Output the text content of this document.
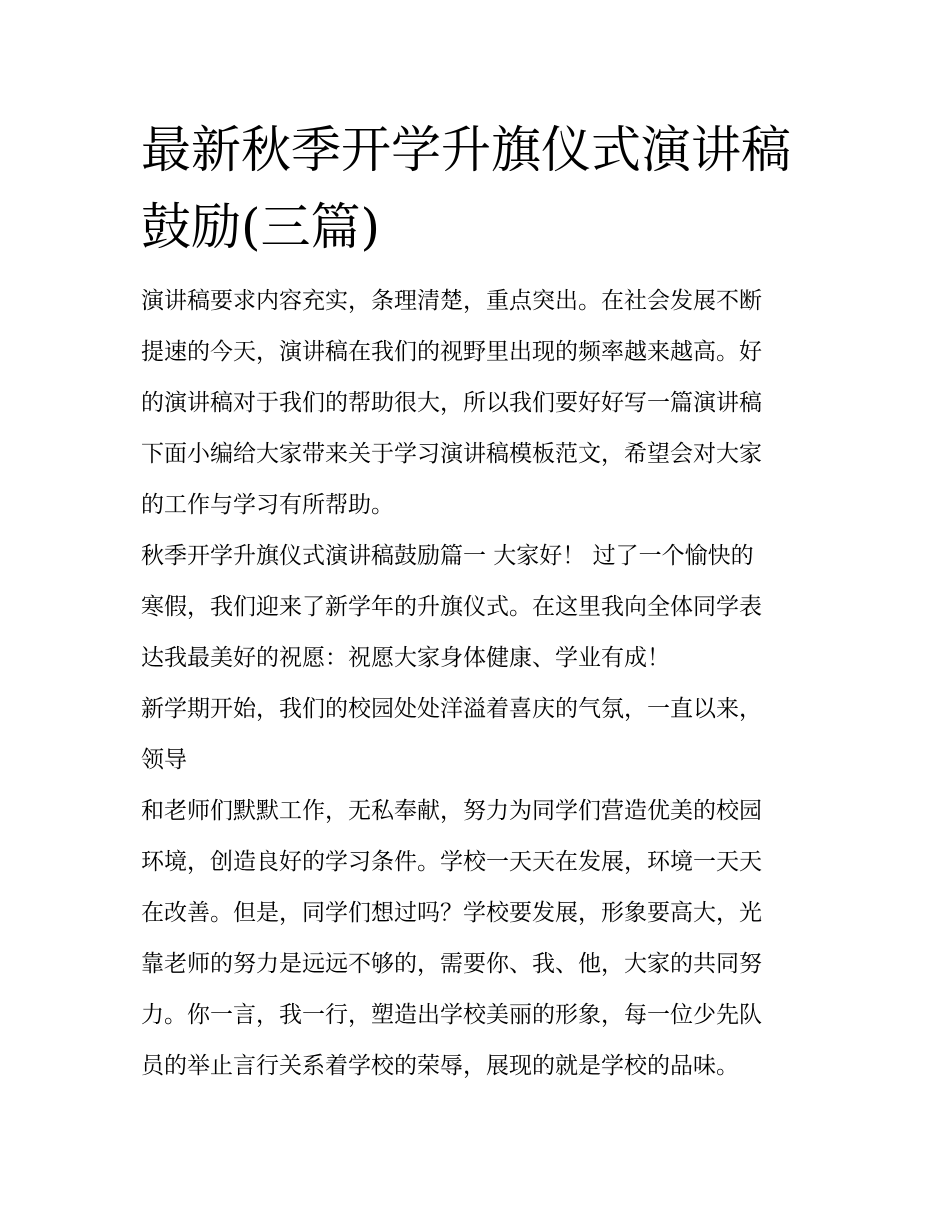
最新秋季开学升旗仪式演讲稿
鼓励(三篇)
演讲稿要求内容充实，条理清楚，重点突出。在社会发展不断
提速的今天，演讲稿在我们的视野里出现的频率越来越高。好
的演讲稿对于我们的帮助很大，所以我们要好好写一篇演讲稿
下面小编给大家带来关于学习演讲稿模板范文，希望会对大家
的工作与学习有所帮助。
秋季开学升旗仪式演讲稿鼓励篇一 大家好！ 过了一个愉快的
寒假，我们迎来了新学年的升旗仪式。在这里我向全体同学表
达我最美好的祝愿：祝愿大家身体健康、学业有成！
新学期开始，我们的校园处处洋溢着喜庆的气氛，一直以来，
领导
和老师们默默工作，无私奉献，努力为同学们营造优美的校园
环境，创造良好的学习条件。学校一天天在发展，环境一天天
在改善。但是，同学们想过吗？学校要发展，形象要高大，光
靠老师的努力是远远不够的，需要你、我、他，大家的共同努
力。你一言，我一行，塑造出学校美丽的形象，每一位少先队
员的举止言行关系着学校的荣辱，展现的就是学校的品味。
